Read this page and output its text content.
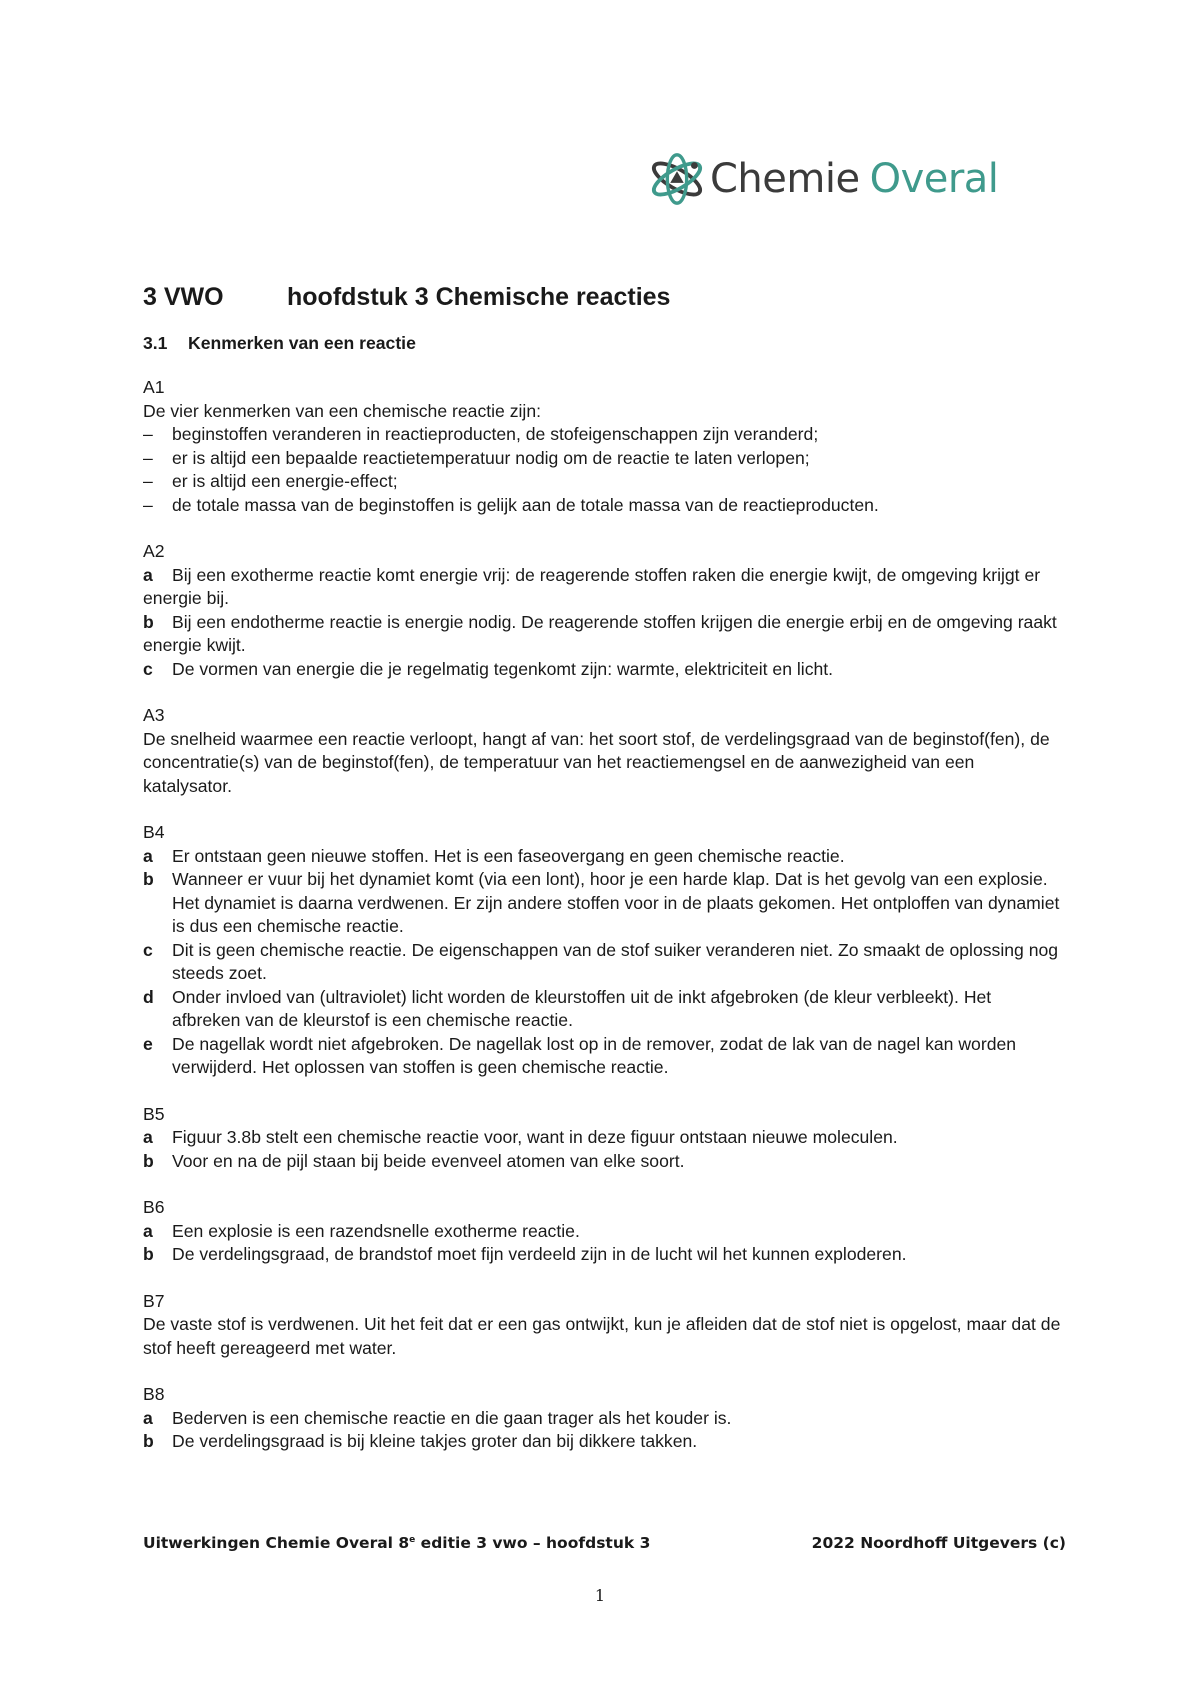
Chemie Overal
3 VWO	hoofdstuk 3 Chemische reacties
3.1 Kenmerken van een reactie
A1
De vier kenmerken van een chemische reactie zijn:
–	beginstoffen veranderen in reactieproducten, de stofeigenschappen zijn veranderd;
–	er is altijd een bepaalde reactietemperatuur nodig om de reactie te laten verlopen;
–	er is altijd een energie-effect;
–	de totale massa van de beginstoffen is gelijk aan de totale massa van de reactieproducten.
A2
a Bij een exotherme reactie komt energie vrij: de reagerende stoffen raken die energie kwijt, de omgeving krijgt er energie bij.
b Bij een endotherme reactie is energie nodig. De reagerende stoffen krijgen die energie erbij en de omgeving raakt energie kwijt.
c De vormen van energie die je regelmatig tegenkomt zijn: warmte, elektriciteit en licht.
A3
De snelheid waarmee een reactie verloopt, hangt af van: het soort stof, de verdelingsgraad van de beginstof(fen), de concentratie(s) van de beginstof(fen), de temperatuur van het reactiemengsel en de aanwezigheid van een katalysator.
B4
a	Er ontstaan geen nieuwe stoffen. Het is een faseovergang en geen chemische reactie.
b	Wanneer er vuur bij het dynamiet komt (via een lont), hoor je een harde klap. Dat is het gevolg van een explosie. Het dynamiet is daarna verdwenen. Er zijn andere stoffen voor in de plaats gekomen. Het ontploffen van dynamiet is dus een chemische reactie.
c	Dit is geen chemische reactie. De eigenschappen van de stof suiker veranderen niet. Zo smaakt de oplossing nog steeds zoet.
d	Onder invloed van (ultraviolet) licht worden de kleurstoffen uit de inkt afgebroken (de kleur verbleekt). Het afbreken van de kleurstof is een chemische reactie.
e	De nagellak wordt niet afgebroken. De nagellak lost op in de remover, zodat de lak van de nagel kan worden verwijderd. Het oplossen van stoffen is geen chemische reactie.
B5
a	Figuur 3.8b stelt een chemische reactie voor, want in deze figuur ontstaan nieuwe moleculen.
b	Voor en na de pijl staan bij beide evenveel atomen van elke soort.
B6
a	Een explosie is een razendsnelle exotherme reactie.
b	De verdelingsgraad, de brandstof moet fijn verdeeld zijn in de lucht wil het kunnen exploderen.
B7
De vaste stof is verdwenen. Uit het feit dat er een gas ontwijkt, kun je afleiden dat de stof niet is opgelost, maar dat de stof heeft gereageerd met water.
B8
a	Bederven is een chemische reactie en die gaan trager als het kouder is.
b	De verdelingsgraad is bij kleine takjes groter dan bij dikkere takken.
Uitwerkingen Chemie Overal 8e editie 3 vwo – hoofdstuk 3	2022 Noordhoff Uitgevers (c)
1
